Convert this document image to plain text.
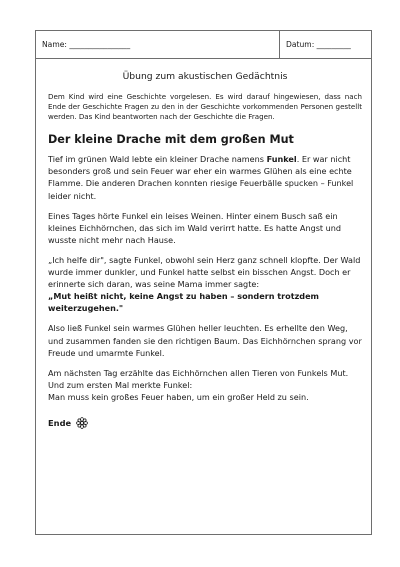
Name: ________________	Datum: _________
Übung zum akustischen Gedächtnis

Dem Kind wird eine Geschichte vorgelesen. Es wird darauf hingewiesen, dass nach Ende der Geschichte Fragen zu den in der Geschichte vorkommenden Personen gestellt werden. Das Kind beantworten nach der Geschichte die Fragen.

Der kleine Drache mit dem großen Mut

Tief im grünen Wald lebte ein kleiner Drache namens Funkel. Er war nicht besonders groß und sein Feuer war eher ein warmes Glühen als eine echte Flamme. Die anderen Drachen konnten riesige Feuerbälle spucken – Funkel leider nicht.

Eines Tages hörte Funkel ein leises Weinen. Hinter einem Busch saß ein kleines Eichhörnchen, das sich im Wald verirrt hatte. Es hatte Angst und wusste nicht mehr nach Hause.

„Ich helfe dir", sagte Funkel, obwohl sein Herz ganz schnell klopfte. Der Wald wurde immer dunkler, und Funkel hatte selbst ein bisschen Angst. Doch er erinnerte sich daran, was seine Mama immer sagte:
„Mut heißt nicht, keine Angst zu haben – sondern trotzdem weiterzugehen."

Also ließ Funkel sein warmes Glühen heller leuchten. Es erhellte den Weg, und zusammen fanden sie den richtigen Baum. Das Eichhörnchen sprang vor Freude und umarmte Funkel.

Am nächsten Tag erzählte das Eichhörnchen allen Tieren von Funkels Mut. Und zum ersten Mal merkte Funkel:
Man muss kein großes Feuer haben, um ein großer Held zu sein.

Ende
